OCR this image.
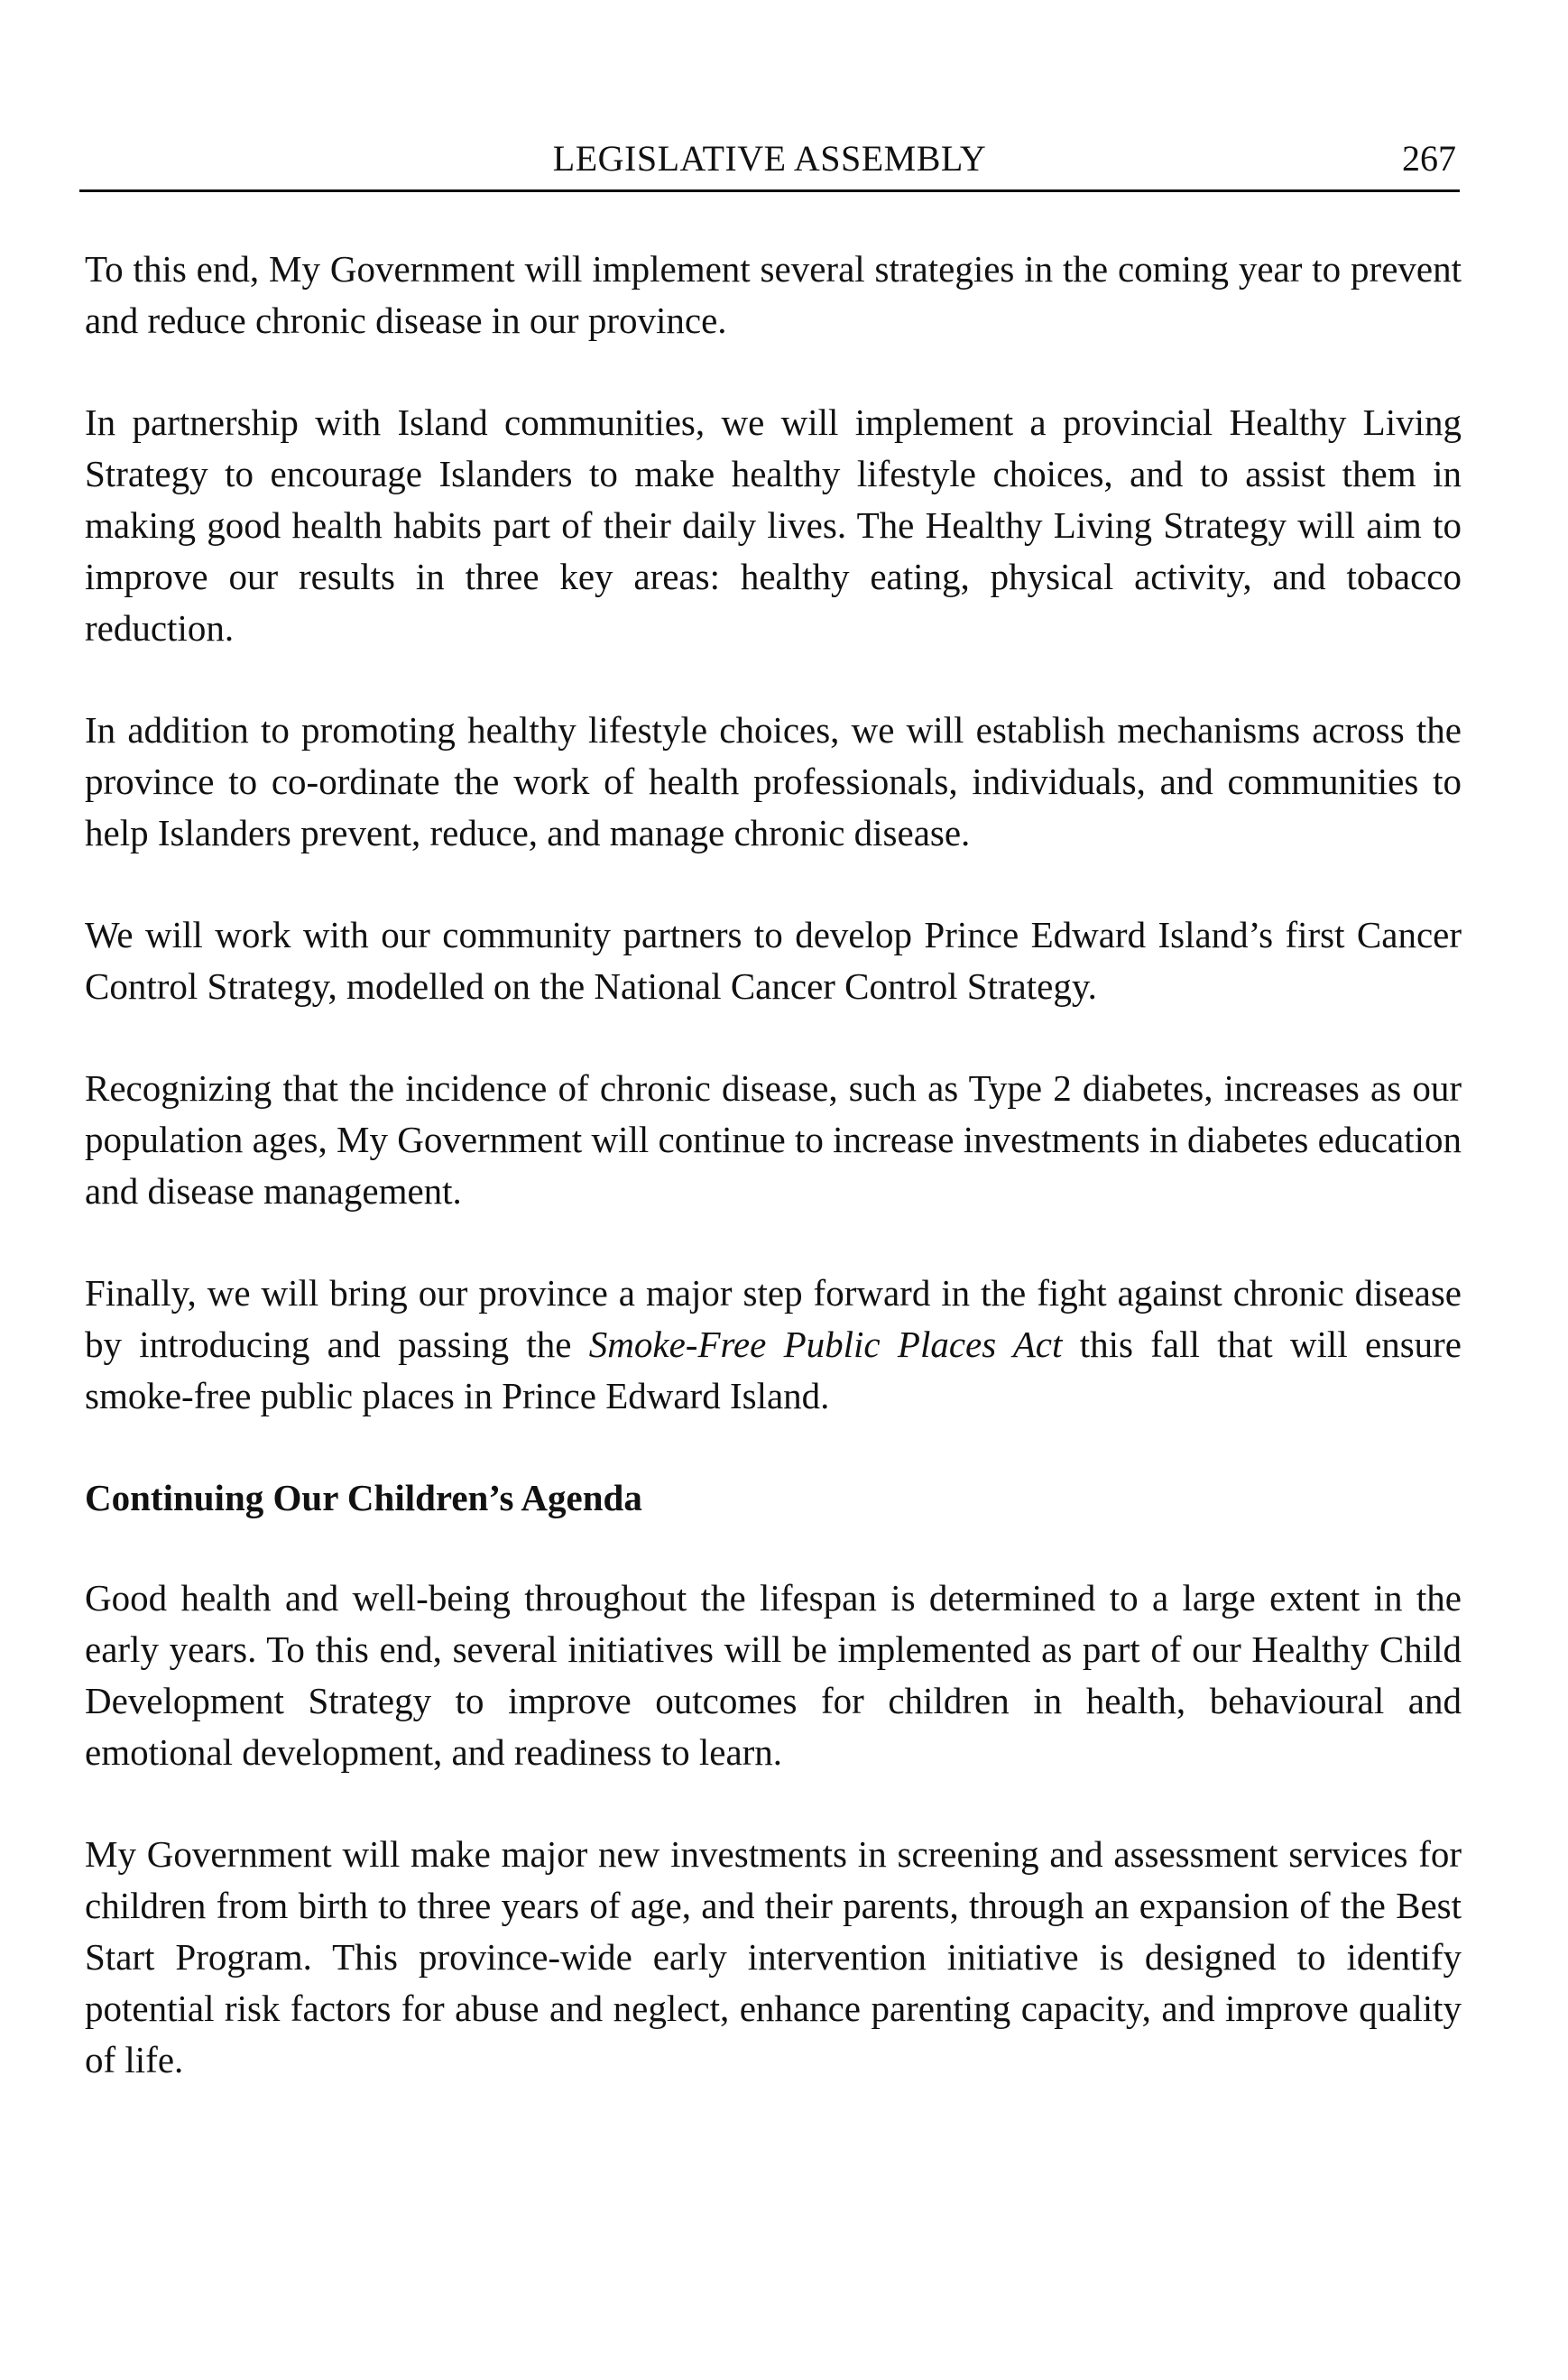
LEGISLATIVE ASSEMBLY	267

To this end, My Government will implement several strategies in the coming year to prevent and reduce chronic disease in our province.

In partnership with Island communities, we will implement a provincial Healthy Living Strategy to encourage Islanders to make healthy lifestyle choices, and to assist them in making good health habits part of their daily lives. The Healthy Living Strategy will aim to improve our results in three key areas: healthy eating, physical activity, and tobacco reduction.

In addition to promoting healthy lifestyle choices, we will establish mechanisms across the province to co-ordinate the work of health professionals, individuals, and communities to help Islanders prevent, reduce, and manage chronic disease.

We will work with our community partners to develop Prince Edward Island’s first Cancer Control Strategy, modelled on the National Cancer Control Strategy.

Recognizing that the incidence of chronic disease, such as Type 2 diabetes, increases as our population ages, My Government will continue to increase investments in diabetes education and disease management.

Finally, we will bring our province a major step forward in the fight against chronic disease by introducing and passing the Smoke-Free Public Places Act this fall that will ensure smoke-free public places in Prince Edward Island.

Continuing Our Children’s Agenda

Good health and well-being throughout the lifespan is determined to a large extent in the early years. To this end, several initiatives will be implemented as part of our Healthy Child Development Strategy to improve outcomes for children in health, behavioural and emotional development, and readiness to learn.

My Government will make major new investments in screening and assessment services for children from birth to three years of age, and their parents, through an expansion of the Best Start Program. This province-wide early intervention initiative is designed to identify potential risk factors for abuse and neglect, enhance parenting capacity, and improve quality of life.
